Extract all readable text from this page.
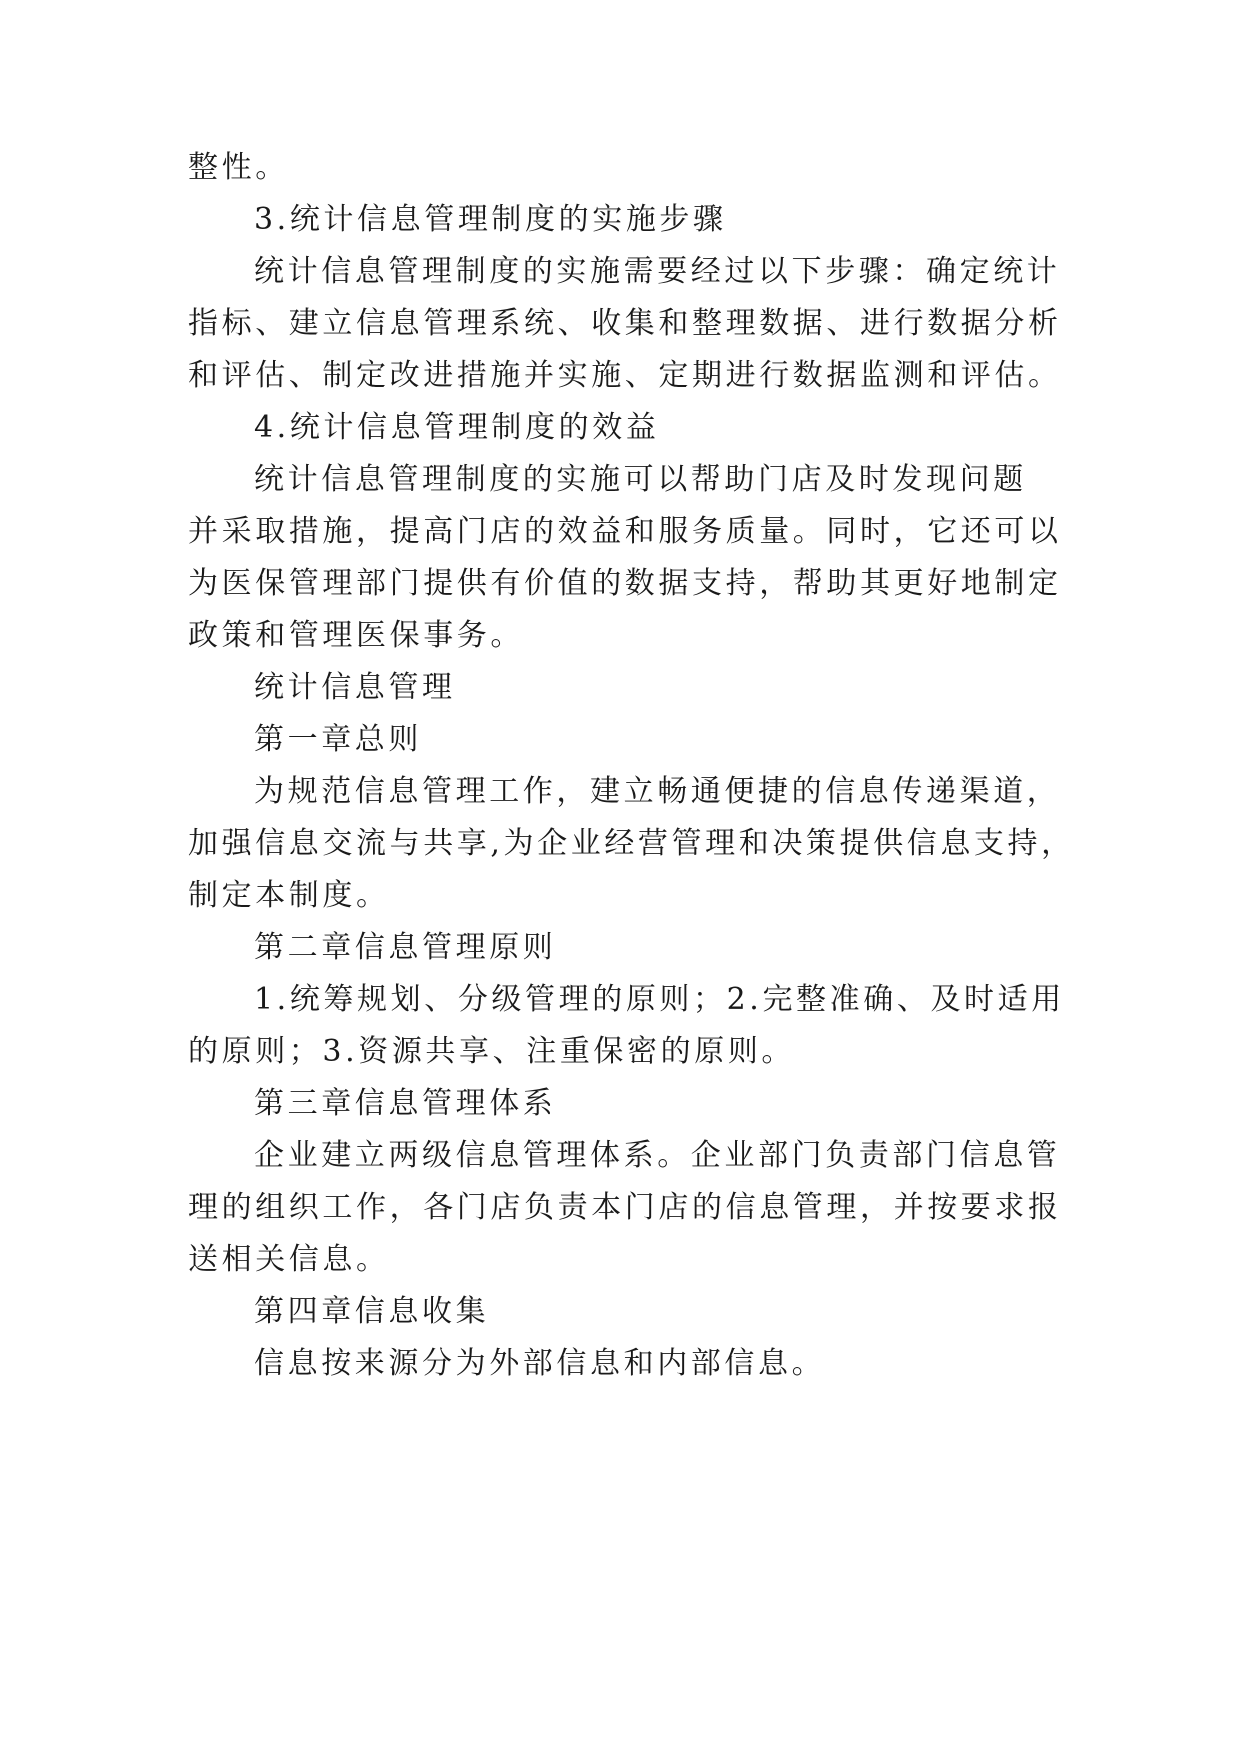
整性。

3.统计信息管理制度的实施步骤

统计信息管理制度的实施需要经过以下步骤：确定统计

指标、建立信息管理系统、收集和整理数据、进行数据分析

和评估、制定改进措施并实施、定期进行数据监测和评估。

4.统计信息管理制度的效益

统计信息管理制度的实施可以帮助门店及时发现问题

并采取措施，提高门店的效益和服务质量。同时，它还可以

为医保管理部门提供有价值的数据支持，帮助其更好地制定

政策和管理医保事务。

统计信息管理

第一章总则

为规范信息管理工作，建立畅通便捷的信息传递渠道，

加强信息交流与共享,为企业经营管理和决策提供信息支持，

制定本制度。

第二章信息管理原则

1.统筹规划、分级管理的原则；2.完整准确、及时适用

的原则；3.资源共享、注重保密的原则。

第三章信息管理体系

企业建立两级信息管理体系。企业部门负责部门信息管

理的组织工作，各门店负责本门店的信息管理，并按要求报

送相关信息。

第四章信息收集

信息按来源分为外部信息和内部信息。
